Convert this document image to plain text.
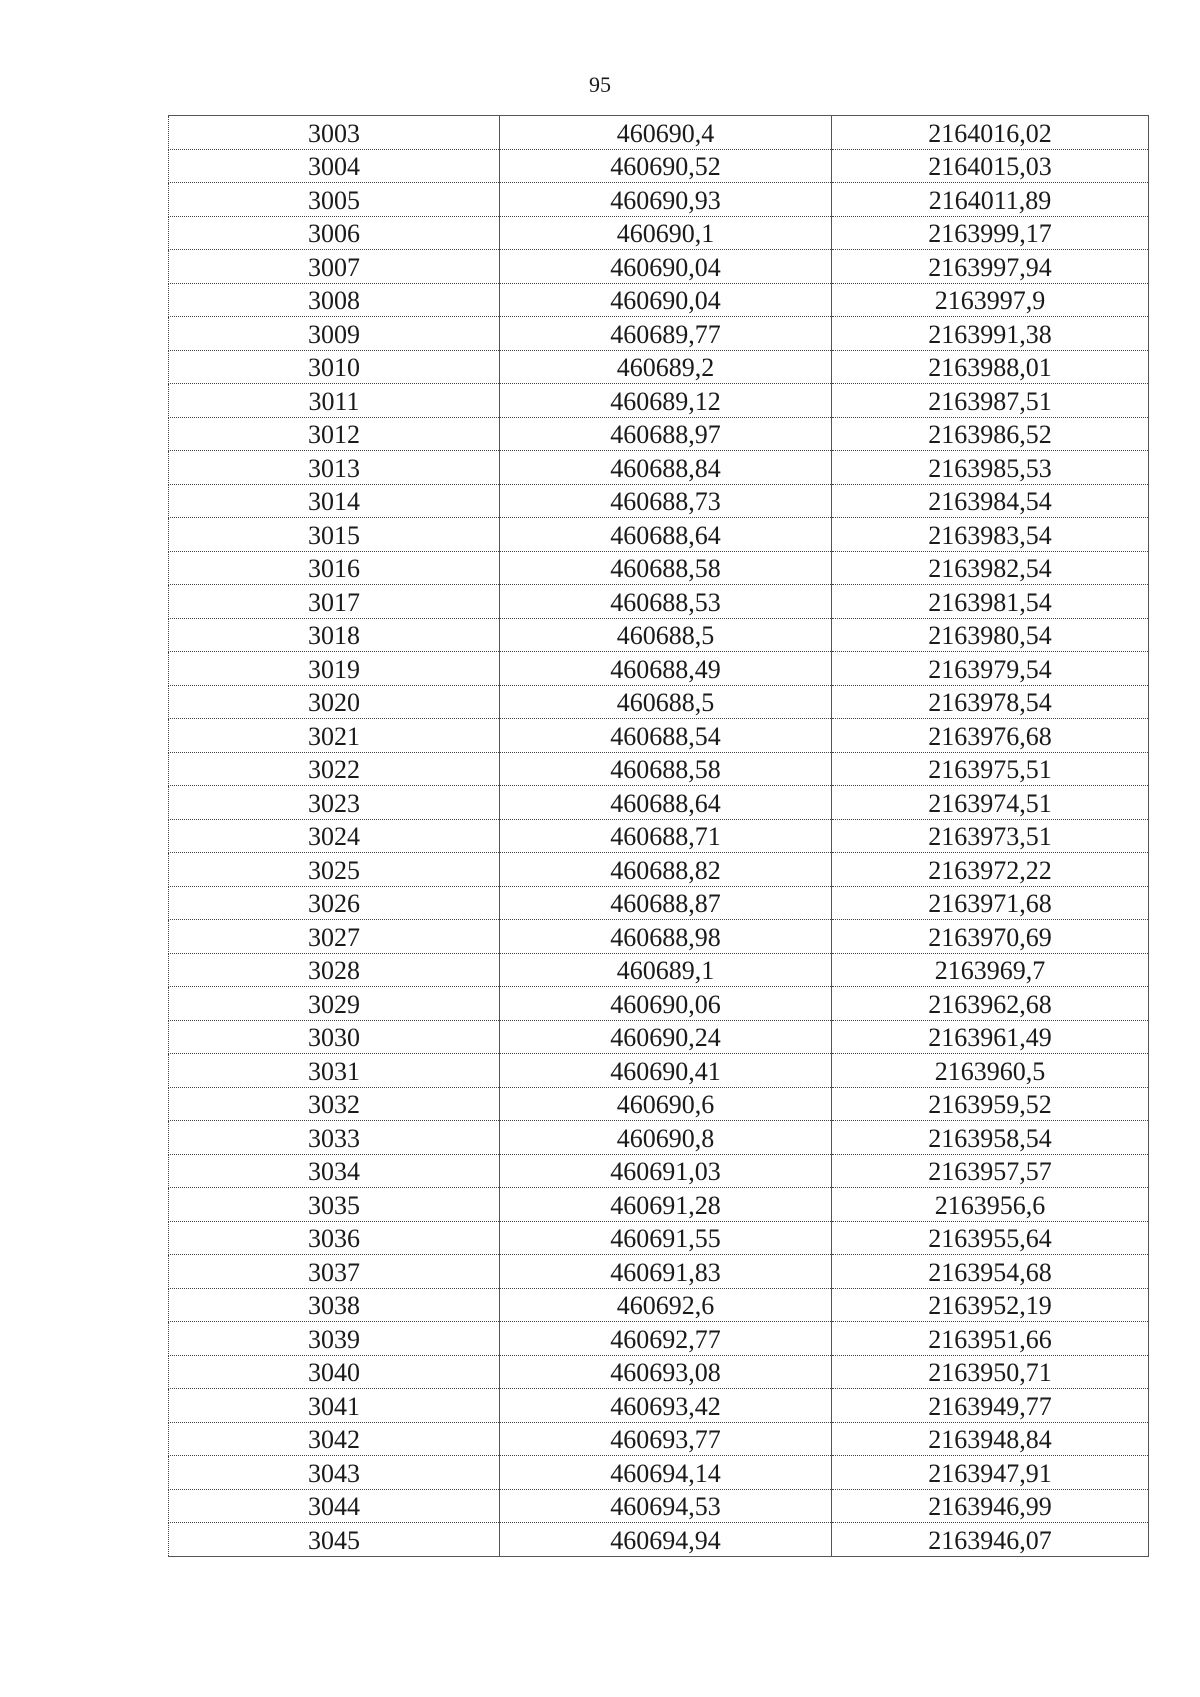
95
3003	460690,4	2164016,02
3004	460690,52	2164015,03
3005	460690,93	2164011,89
3006	460690,1	2163999,17
3007	460690,04	2163997,94
3008	460690,04	2163997,9
3009	460689,77	2163991,38
3010	460689,2	2163988,01
3011	460689,12	2163987,51
3012	460688,97	2163986,52
3013	460688,84	2163985,53
3014	460688,73	2163984,54
3015	460688,64	2163983,54
3016	460688,58	2163982,54
3017	460688,53	2163981,54
3018	460688,5	2163980,54
3019	460688,49	2163979,54
3020	460688,5	2163978,54
3021	460688,54	2163976,68
3022	460688,58	2163975,51
3023	460688,64	2163974,51
3024	460688,71	2163973,51
3025	460688,82	2163972,22
3026	460688,87	2163971,68
3027	460688,98	2163970,69
3028	460689,1	2163969,7
3029	460690,06	2163962,68
3030	460690,24	2163961,49
3031	460690,41	2163960,5
3032	460690,6	2163959,52
3033	460690,8	2163958,54
3034	460691,03	2163957,57
3035	460691,28	2163956,6
3036	460691,55	2163955,64
3037	460691,83	2163954,68
3038	460692,6	2163952,19
3039	460692,77	2163951,66
3040	460693,08	2163950,71
3041	460693,42	2163949,77
3042	460693,77	2163948,84
3043	460694,14	2163947,91
3044	460694,53	2163946,99
3045	460694,94	2163946,07
